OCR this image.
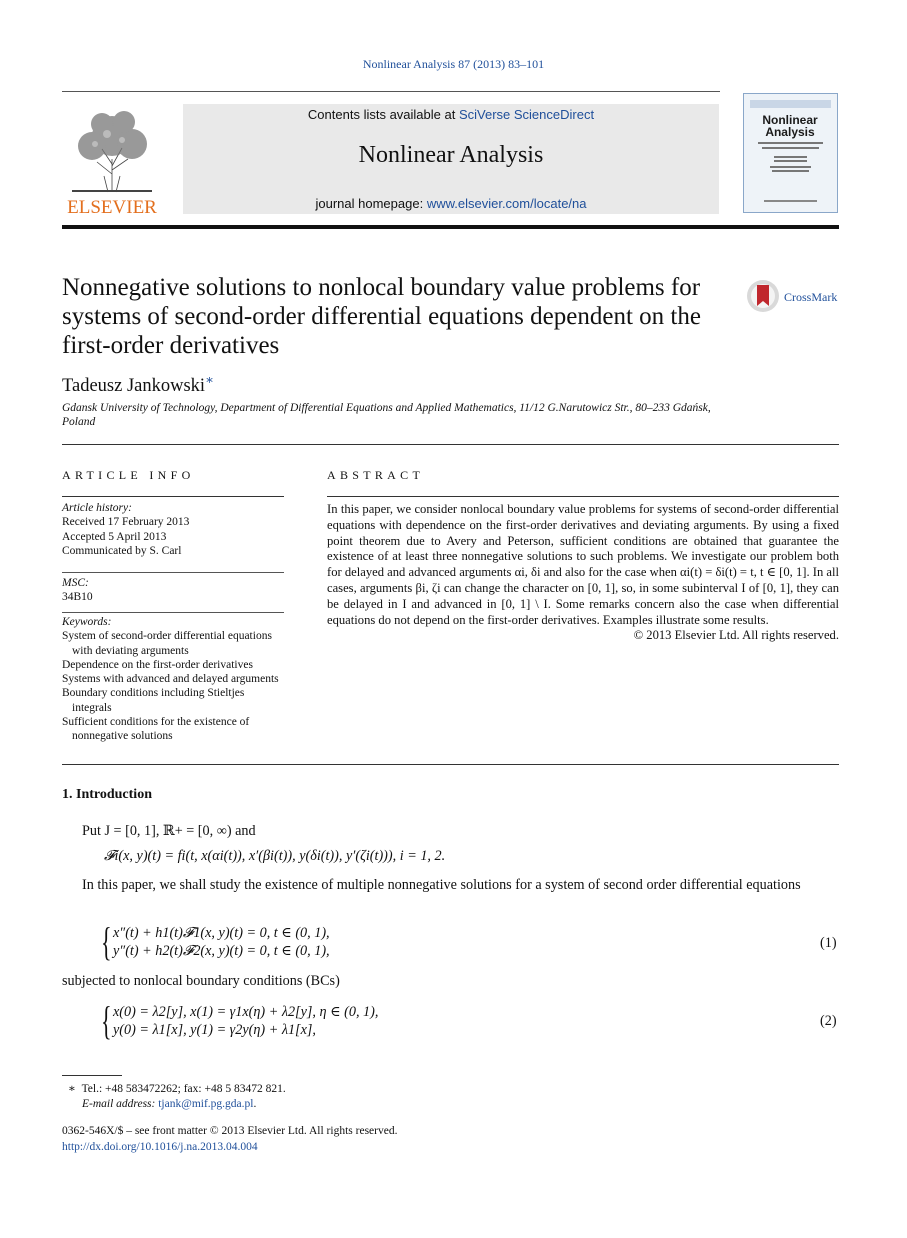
Nonlinear Analysis 87 (2013) 83–101
ELSEVIER
Contents lists available at SciVerse ScienceDirect
Nonlinear Analysis
journal homepage: www.elsevier.com/locate/na
Nonlinear
Analysis
Nonnegative solutions to nonlocal boundary value problems for systems of second-order differential equations dependent on the first-order derivatives
CrossMark
Tadeusz Jankowski∗
Gdansk University of Technology, Department of Differential Equations and Applied Mathematics, 11/12 G.Narutowicz Str., 80–233 Gdańsk, Poland
ARTICLE INFO
Article history:
Received 17 February 2013
Accepted 5 April 2013
Communicated by S. Carl
MSC:
34B10
Keywords:
System of second-order differential equations with deviating arguments
Dependence on the first-order derivatives
Systems with advanced and delayed arguments
Boundary conditions including Stieltjes integrals
Sufficient conditions for the existence of nonnegative solutions
ABSTRACT
In this paper, we consider nonlocal boundary value problems for systems of second-order differential equations with dependence on the first-order derivatives and deviating arguments. By using a fixed point theorem due to Avery and Peterson, sufficient conditions are obtained that guarantee the existence of at least three nonnegative solutions to such problems. We investigate our problem both for delayed and advanced arguments αi, δi and also for the case when αi(t) = δi(t) = t, t ∈ [0, 1]. In all cases, arguments βi, ζi can change the character on [0, 1], so, in some subinterval I of [0, 1], they can be delayed in I and advanced in [0, 1] \ I. Some remarks concern also the case when differential equations do not depend on the first-order derivatives. Examples illustrate some results.
© 2013 Elsevier Ltd. All rights reserved.
1. Introduction
Put J = [0, 1], ℝ+ = [0, ∞) and
𝓕i(x, y)(t) = fi(t, x(αi(t)), x′(βi(t)), y(δi(t)), y′(ζi(t))), i = 1, 2.
In this paper, we shall study the existence of multiple nonnegative solutions for a system of second order differential equations
{ x″(t) + h1(t)𝓕1(x, y)(t) = 0, t ∈ (0, 1),
y″(t) + h2(t)𝓕2(x, y)(t) = 0, t ∈ (0, 1),	(1)
subjected to nonlocal boundary conditions (BCs)
{ x(0) = λ2[y], x(1) = γ1x(η) + λ2[y], η ∈ (0, 1),
y(0) = λ1[x], y(1) = γ2y(η) + λ1[x],
(2)
∗ Tel.: +48 583472262; fax: +48 5 83472 821.
E-mail address: tjank@mif.pg.gda.pl.
0362-546X/$ – see front matter © 2013 Elsevier Ltd. All rights reserved.
http://dx.doi.org/10.1016/j.na.2013.04.004
